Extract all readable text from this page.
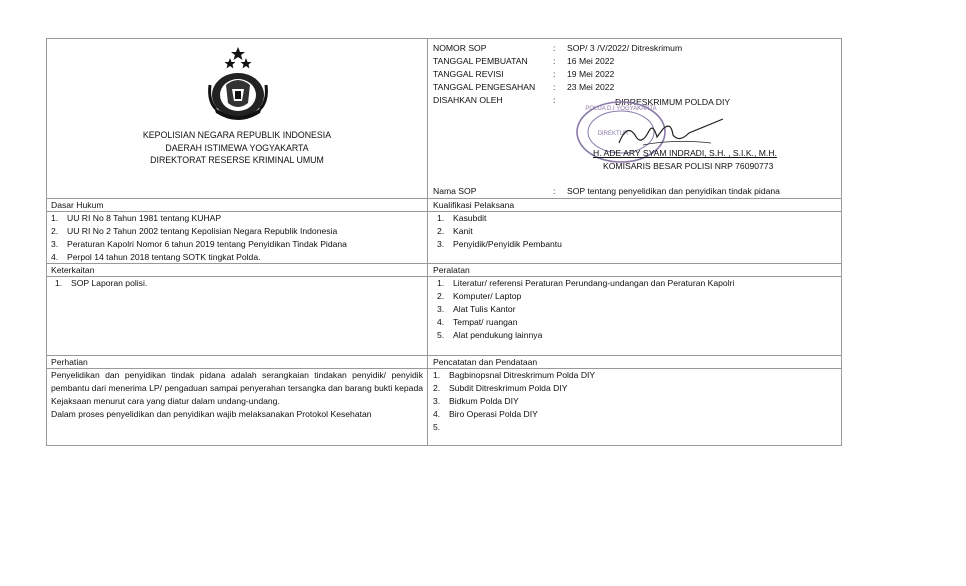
KEPOLISIAN NEGARA REPUBLIK INDONESIA
DAERAH ISTIMEWA YOGYAKARTA
DIREKTORAT RESERSE KRIMINAL UMUM
NOMOR SOP	: SOP/ 3 /V/2022/ Ditreskrimum
TANGGAL PEMBUATAN	: 16 Mei 2022
TANGGAL REVISI	: 19 Mei 2022
TANGGAL PENGESAHAN	: 23 Mei 2022
DISAHKAN OLEH	:	DIRRESKRIMUM POLDA DIY
POLDA D.I YOGYAKARTA
DIREKTUR
H. ADE ARY SYAM INDRADI, S.H. , S.I.K., M.H.
KOMISARIS BESAR POLISI NRP 76090773
Nama SOP	: SOP tentang penyelidikan dan penyidikan tindak pidana
Dasar Hukum
1. UU RI No 8 Tahun 1981 tentang KUHAP
2. UU RI No 2 Tahun 2002 tentang Kepolisian Negara Republik Indonesia
3. Peraturan Kapolri Nomor 6 tahun 2019 tentang Penyidikan Tindak Pidana
4. Perpol 14 tahun 2018 tentang SOTK tingkat Polda.
Kualifikasi Pelaksana
1. Kasubdit
2. Kanit
3. Penyidik/Penyidik Pembantu
Keterkaitan
1. SOP Laporan polisi.
Peralatan
1. Literatur/ referensi Peraturan Perundang-undangan dan Peraturan Kapolri
2. Komputer/ Laptop
3. Alat Tulis Kantor
4. Tempat/ ruangan
5. Alat pendukung lainnya
Perhatian

Penyelidikan dan penyidikan tindak pidana adalah serangkaian tindakan penyidik/ penyidik pembantu dari menerima LP/ pengaduan sampai penyerahan tersangka dan barang bukti kepada Kejaksaan menurut cara yang diatur dalam undang-undang.

Dalam proses penyelidikan dan penyidikan wajib melaksanakan Protokol Kesehatan

Pencatatan dan Pendataan
1. Bagbinopsnal Ditreskrimum Polda DIY
2. Subdit Ditreskrimum Polda DIY
3. Bidkum Polda DIY
4. Biro Operasi Polda DIY
5.
